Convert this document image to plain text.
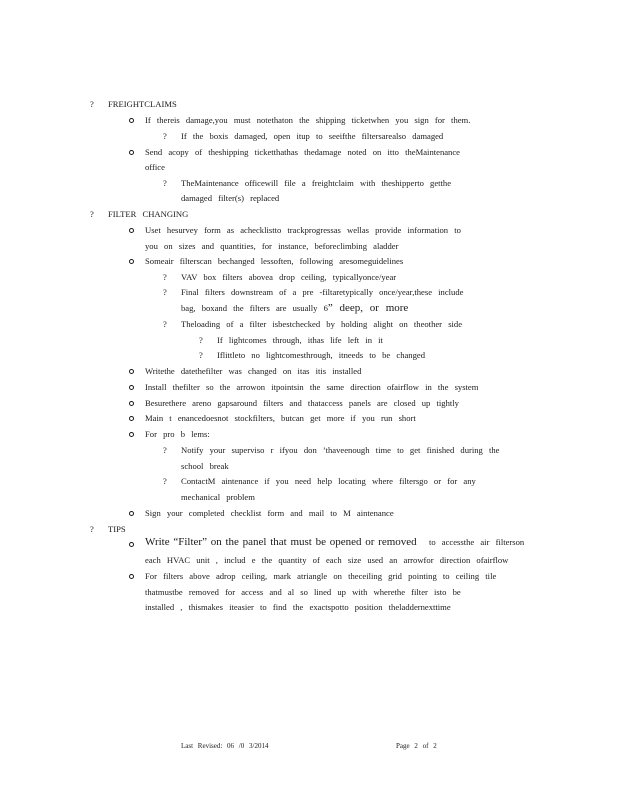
? FREIGHTCLAIMS
If thereis damage,you must notethaton the shipping ticketwhen you sign for them.
? If the boxis damaged, open itup to seeifthe filtersarealso damaged
Send acopy of theshipping ticketthathas thedamage noted on itto theMaintenance
office
? TheMaintenance officewill file a freightclaim with theshipperto getthe
damaged filter(s) replaced
? FILTER CHANGING
Uset hesurvey form as achecklistto trackprogressas wellas provide information to
you on sizes and quantities, for instance, beforeclimbing aladder
Someair filterscan bechanged lessoften, following aresomeguidelines
? VAV box filters abovea drop ceiling, typicallyonce/year
? Final filters downstream of a pre -filtaretypically once/year,these include
bag, boxand the filters are usually 6” deep, or more
? Theloading of a filter isbestchecked by holding alight on theother side
? If lightcomes through, ithas life left in it
? Iflittleto no lightcomesthrough, itneeds to be changed
Writethe datethefilter was changed on itas itis installed
Install thefilter so the arrowon itpointsin the same direction ofairflow in the system
Besurethere areno gapsaround filters and thataccess panels are closed up tightly
Main t enancedoesnot stockfilters, butcan get more if you run short
For pro b lems:
? Notify your superviso r ifyou don ’thaveenough time to get finished during the
school break
? ContactM aintenance if you need help locating where filtersgo or for any
mechanical problem
Sign your completed checklist form and mail to M aintenance
? TIPS
Write “Filter” on the panel that must be opened or removed to accessthe air filterson
each HVAC unit , includ e the quantity of each size used an arrowfor direction ofairflow
For filters above adrop ceiling, mark atriangle on theceiling grid pointing to ceiling tile
thatmustbe removed for access and al so lined up with wherethe filter isto be
installed , thismakes iteasier to find the exactspotto position theladdernexttime
Last Revised: 06 /0 3/2014	Page 2 of 2
